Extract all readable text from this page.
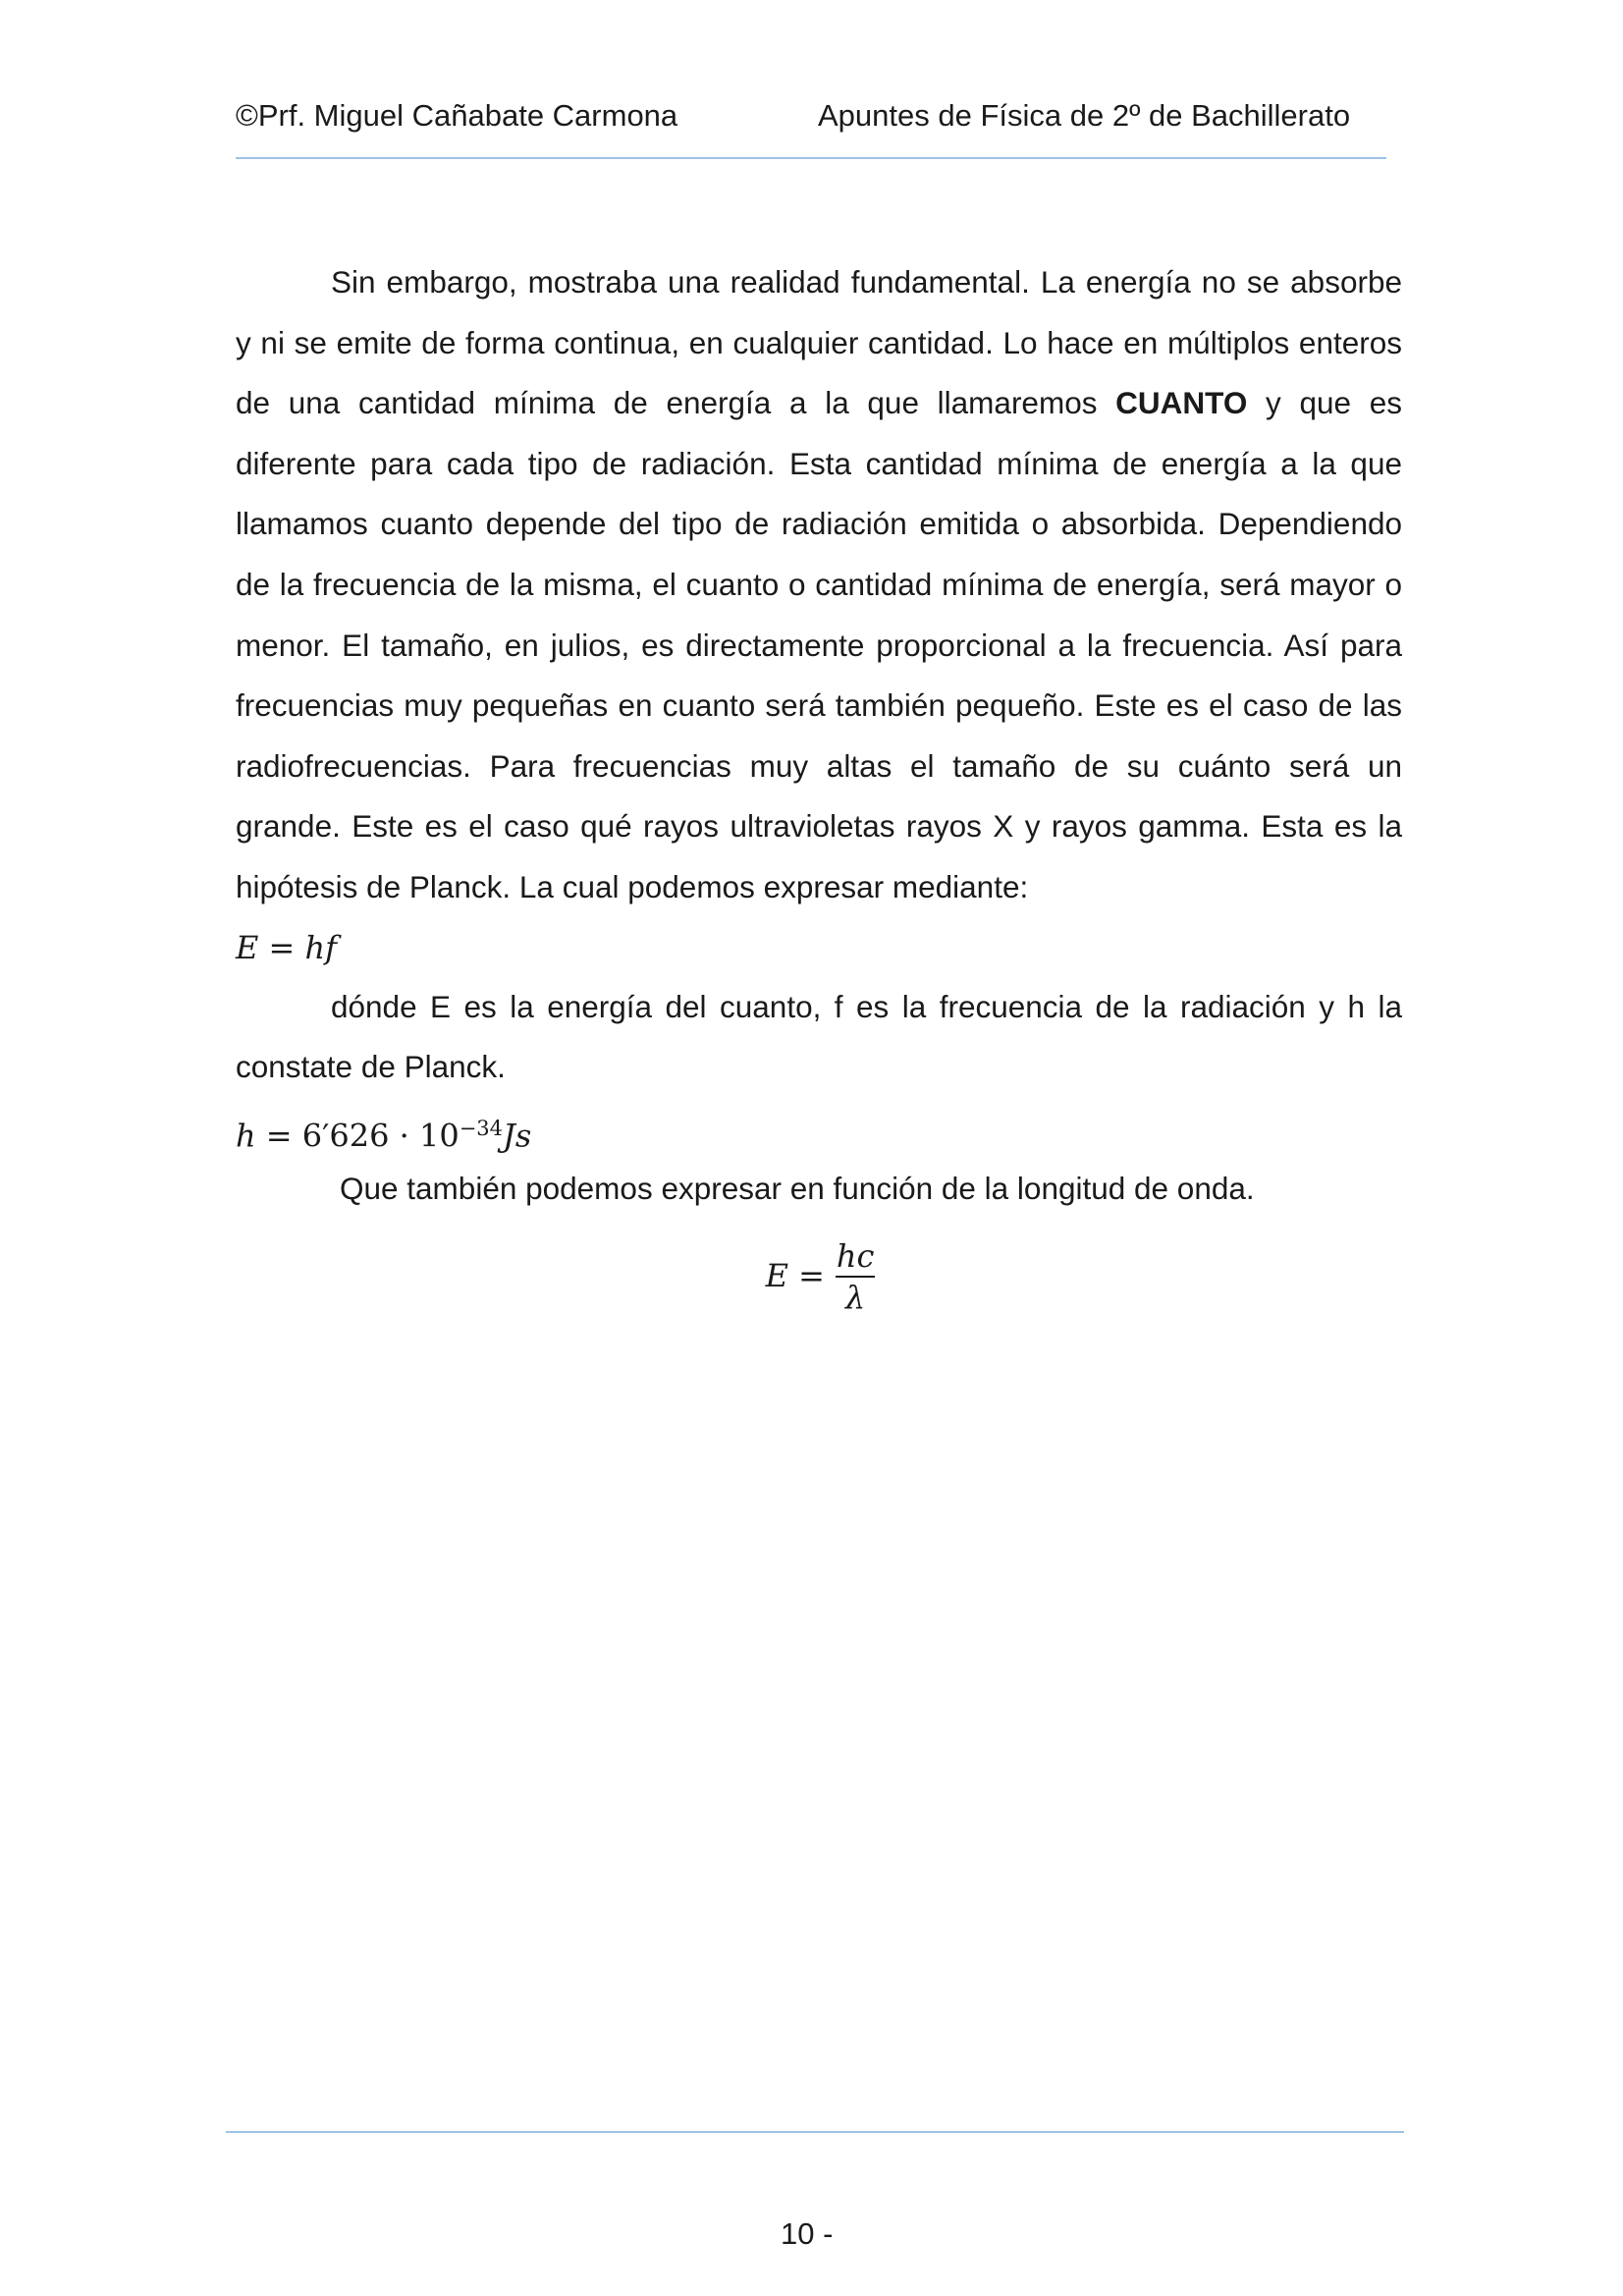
©Prf. Miguel Cañabate Carmona	Apuntes de Física de 2º de Bachillerato

Sin embargo, mostraba una realidad fundamental. La energía no se absorbe y ni se emite de forma continua, en cualquier cantidad. Lo hace en múltiplos enteros de una cantidad mínima de energía a la que llamaremos CUANTO y que es diferente para cada tipo de radiación. Esta cantidad mínima de energía a la que llamamos cuanto depende del tipo de radiación emitida o absorbida. Dependiendo de la frecuencia de la misma, el cuanto o cantidad mínima de energía, será mayor o menor. El tamaño, en julios, es directamente proporcional a la frecuencia. Así para frecuencias muy pequeñas en cuanto será también pequeño. Este es el caso de las radiofrecuencias. Para frecuencias muy altas el tamaño de su cuánto será un grande. Este es el caso qué rayos ultravioletas rayos X y rayos gamma. Esta es la hipótesis de Planck. La cual podemos expresar mediante:

E = hf

dónde E es la energía del cuanto, f es la frecuencia de la radiación y h la constate de Planck.

$h = 6'626 \cdot 10^{-34}Js$

Que también podemos expresar en función de la longitud de onda.

E
= $\frac{hc}{\lambda}$
10 -
